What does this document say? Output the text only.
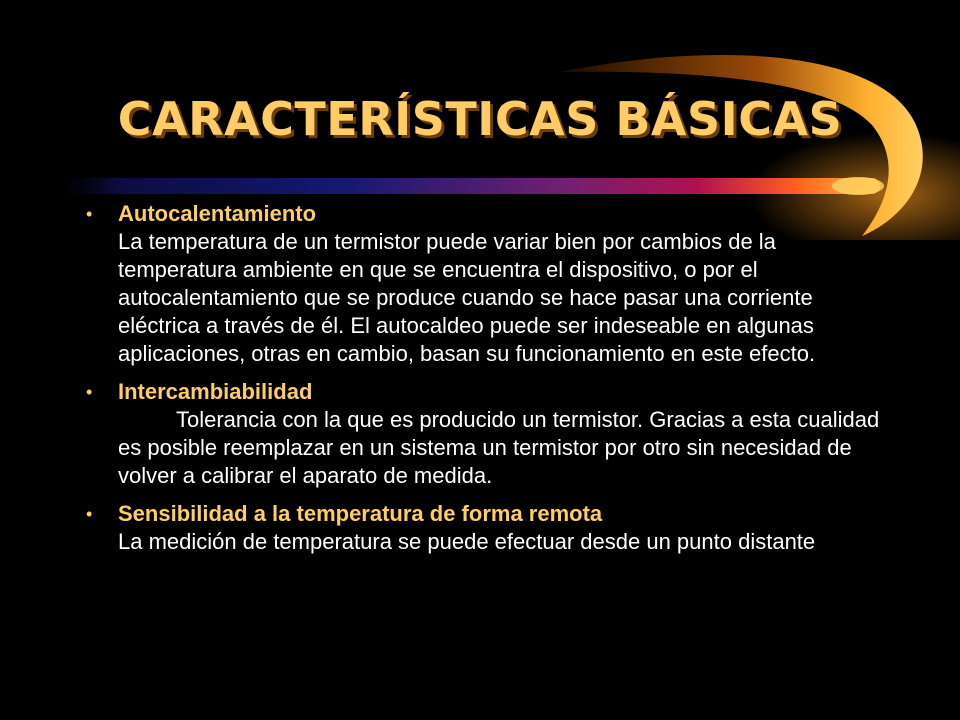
CARACTERÍSTICAS BÁSICAS
• Autocalentamiento
La temperatura de un termistor puede variar bien por cambios de la temperatura ambiente en que se encuentra el dispositivo, o por el autocalentamiento que se produce cuando se hace pasar una corriente eléctrica a través de él. El autocaldeo puede ser indeseable en algunas aplicaciones, otras en cambio, basan su funcionamiento en este efecto.
• Intercambiabilidad
Tolerancia con la que es producido un termistor. Gracias a esta cualidad es posible reemplazar en un sistema un termistor por otro sin necesidad de volver a calibrar el aparato de medida.
• Sensibilidad a la temperatura de forma remota
La medición de temperatura se puede efectuar desde un punto distante
